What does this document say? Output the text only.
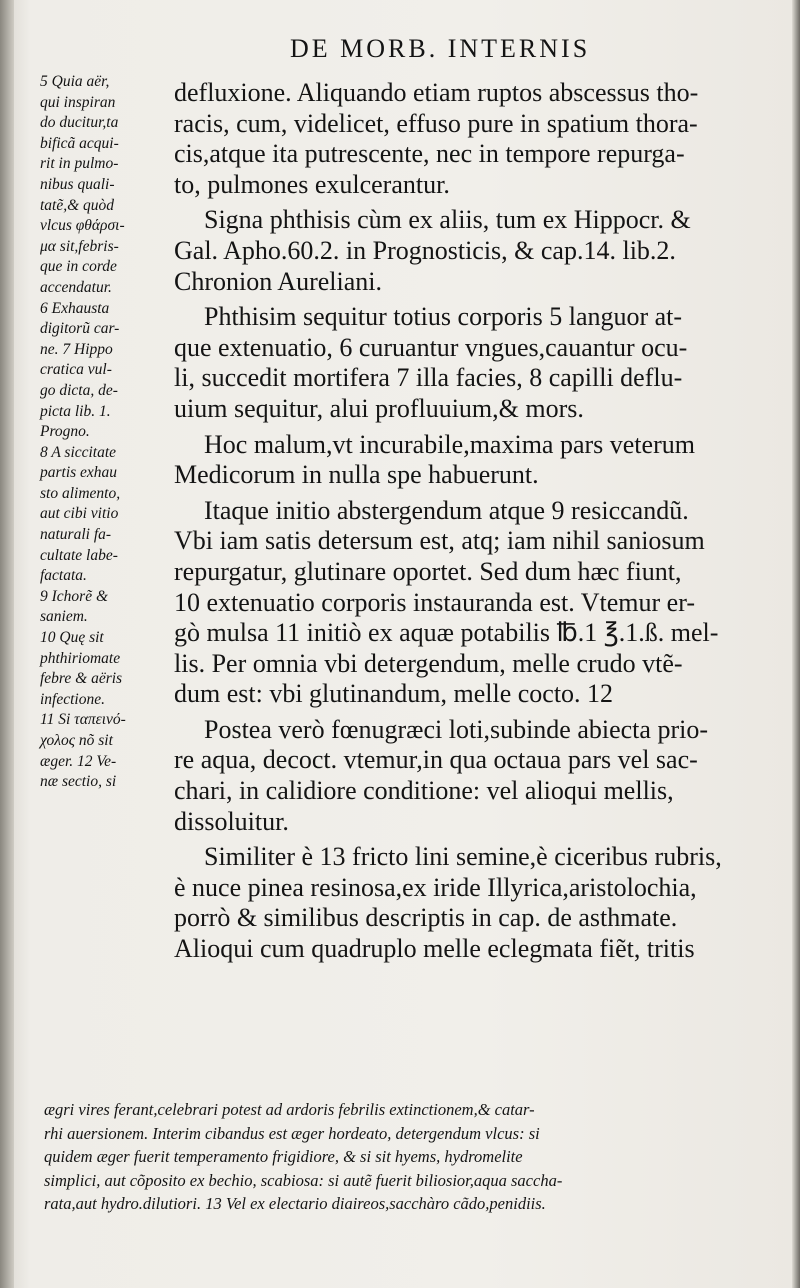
DE MORB. INTERNIS
5 Quia aër,
qui inspiran
do ducitur,ta
bificã acqui-
rit in pulmo-
nibus quali-
tatẽ,& quòd
vlcus φθάρσι-
μα sit,febris-
que in corde
accendatur.
6 Exhausta
digitorũ car-
ne. 7 Hippo
cratica vul-
go dicta, de-
picta lib. 1.
Progno.
8 A siccitate
partis exhau
sto alimento,
aut cibi vitio
naturali fa-
cultate labe-
factata.
9 Ichorẽ &
saniem.
10 Quę sit
phthiriomate
febre & aëris
infectione.
11 Si ταπεινό-
χολος nõ sit
æger. 12 Ve-
næ sectio, si

defluxione. Aliquando etiam ruptos abscessus tho-
racis, cum, videlicet, effuso pure in spatium thora-
cis,atque ita putrescente, nec in tempore repurga-
to, pulmones exulcerantur.

Signa phthisis cùm ex aliis, tum ex Hippocr. &
Gal. Apho.60.2. in Prognosticis, & cap.14. lib.2.
Chronion Aureliani.

Phthisim sequitur totius corporis 5 languor at-
que extenuatio, 6 curuantur vngues,cauantur ocu-
li, succedit mortifera 7 illa facies, 8 capilli deflu-
uium sequitur, alui profluuium,& mors.

Hoc malum,vt incurabile,maxima pars veterum
Medicorum in nulla spe habuerunt.

Itaque initio abstergendum atque 9 resiccandũ.
Vbi iam satis detersum est, atq; iam nihil saniosum
repurgatur, glutinare oportet. Sed dum hæc fiunt,
10 extenuatio corporis instauranda est. Vtemur er-
gò mulsa 11 initiò ex aquæ potabilis ℔.1 ℥.1.ß. mel-
lis. Per omnia vbi detergendum, melle crudo vtẽ-
dum est: vbi glutinandum, melle cocto. 12

Postea verò fœnugræci loti,subinde abiecta prio-
re aqua, decoct. vtemur,in qua octaua pars vel sac-
chari, in calidiore conditione: vel alioqui mellis,
dissoluitur.

Similiter è 13 fricto lini semine,è ciceribus rubris,
è nuce pinea resinosa,ex iride Illyrica,aristolochia,
porrò & similibus descriptis in cap. de asthmate.
Alioqui cum quadruplo melle eclegmata fiẽt, tritis

ægri vires ferant,celebrari potest ad ardoris febrilis extinctionem,& catar-
rhi auersionem. Interim cibandus est æger hordeato, detergendum vlcus: si
quidem æger fuerit temperamento frigidiore, & si sit hyems, hydromelite
simplici, aut cõposito ex bechio, scabiosa: si autẽ fuerit biliosior,aqua saccha-
rata,aut hydro.dilutiori. 13 Vel ex electario diaireos,sacchàro cãdo,penidiis.
